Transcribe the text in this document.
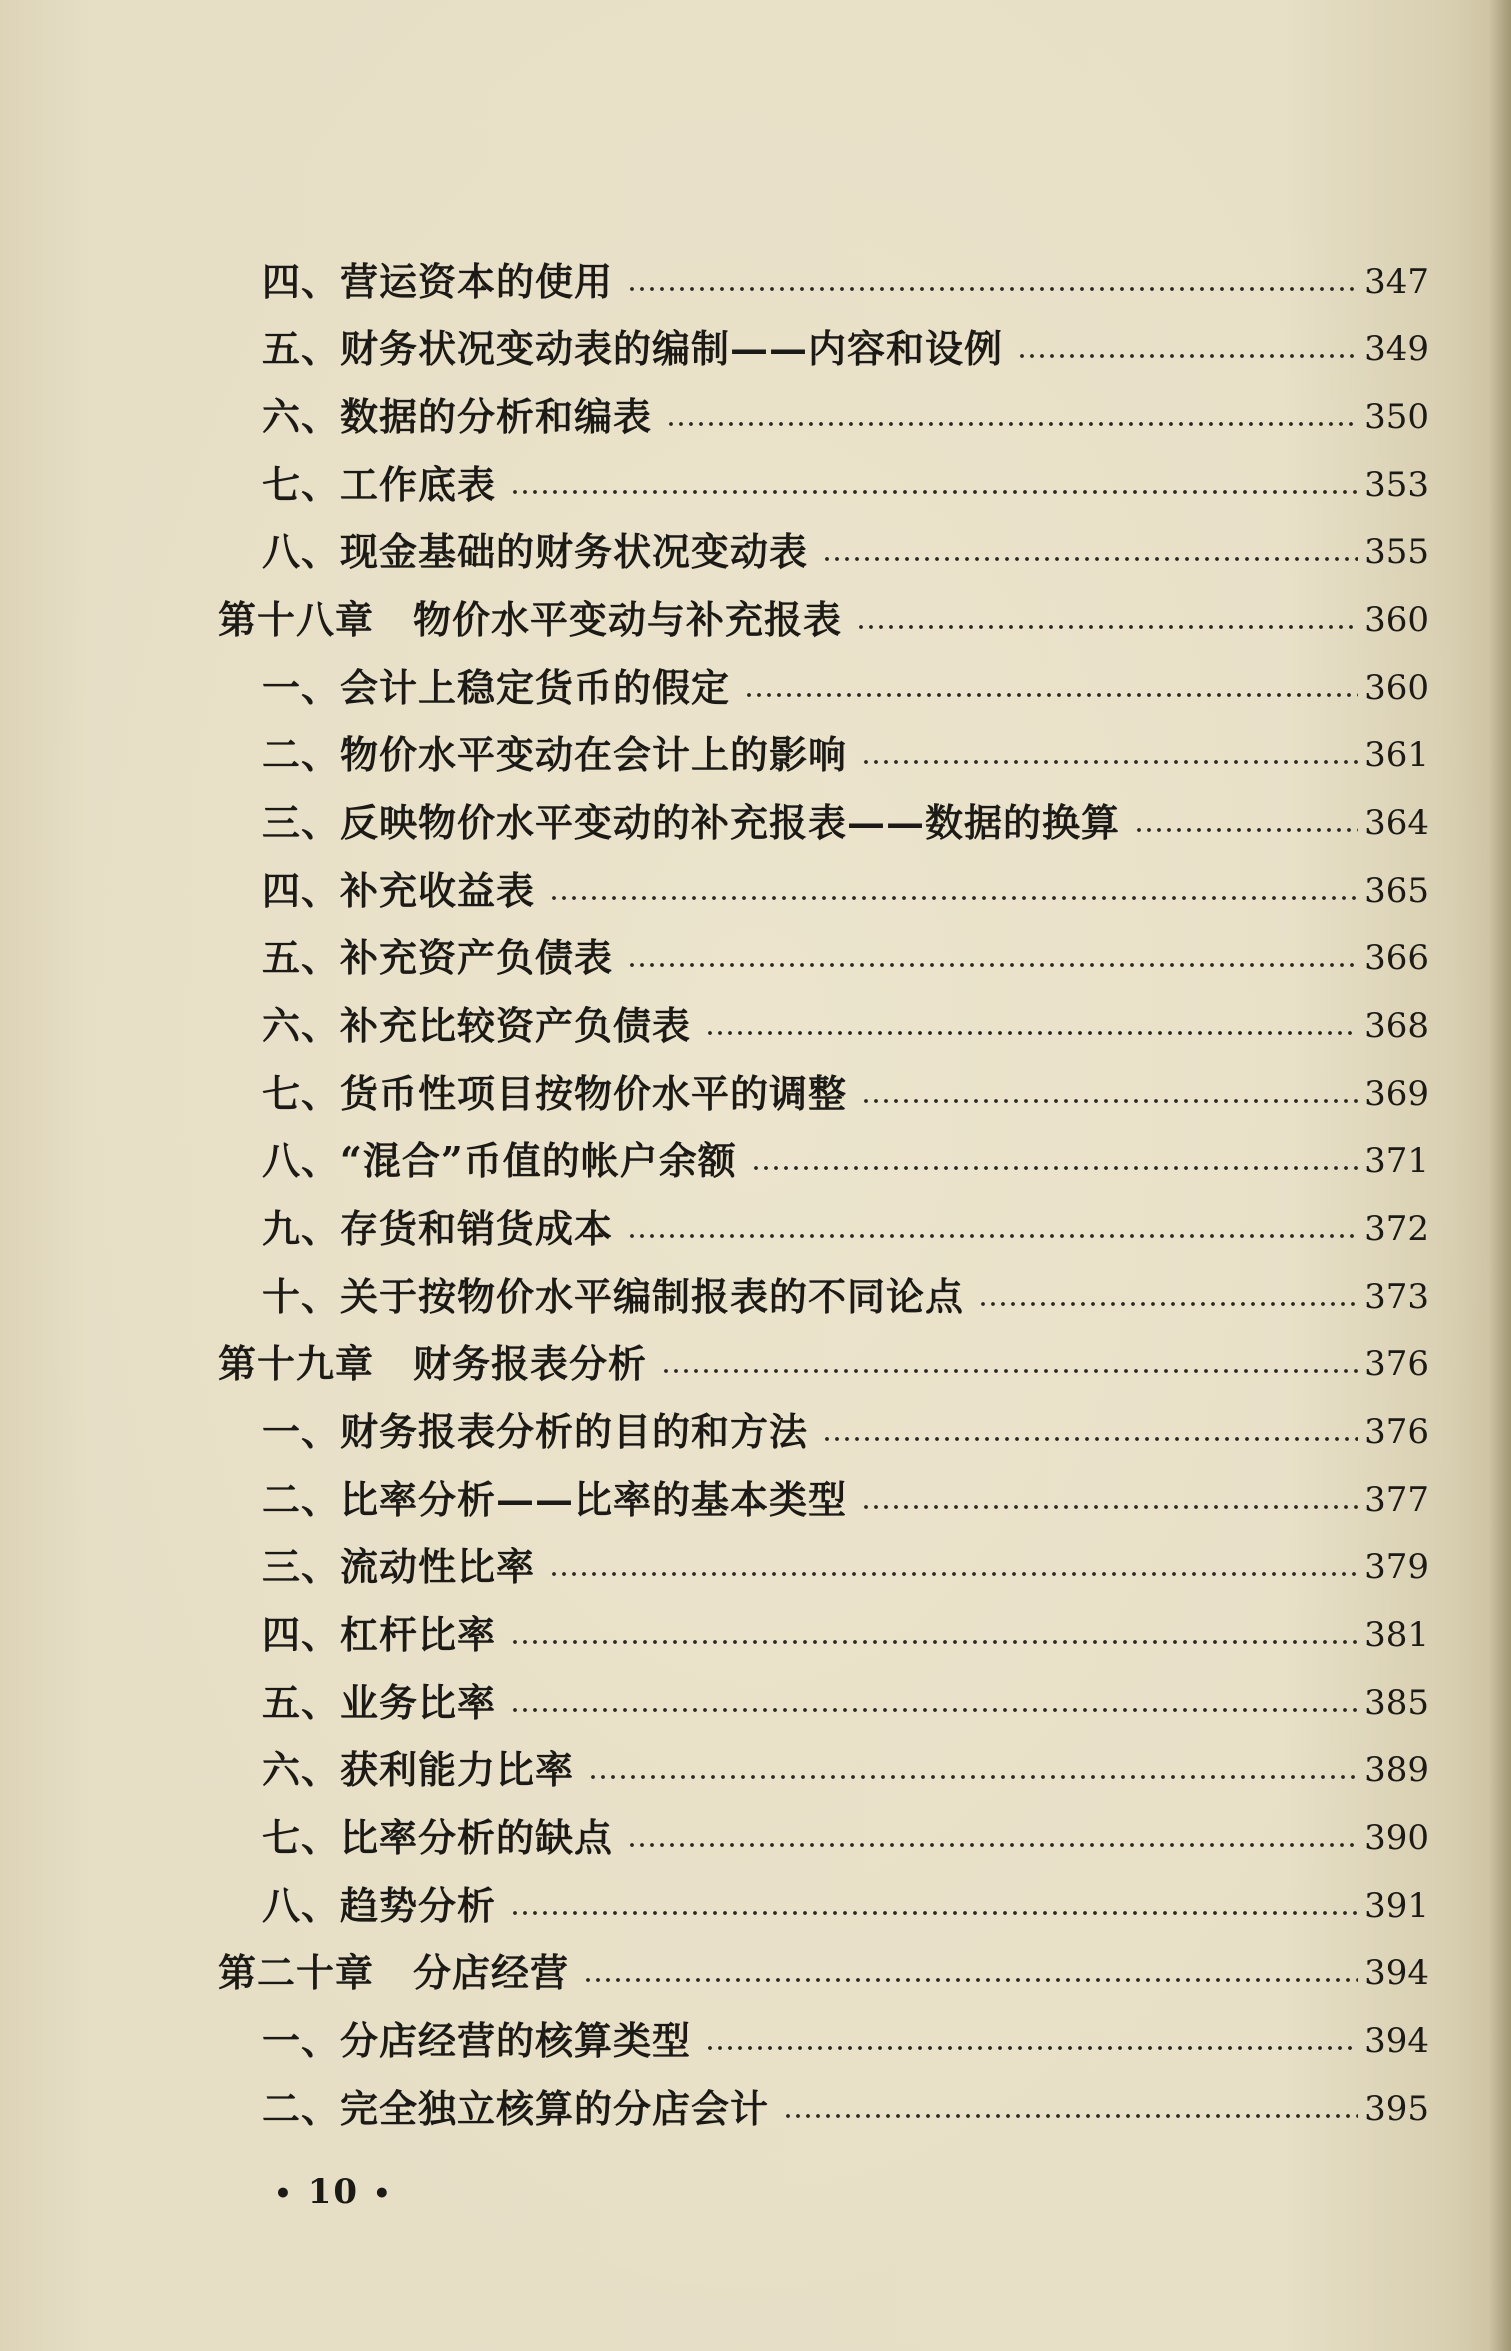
四、营运资本的使用	347
五、财务状况变动表的编制——内容和设例	349
六、数据的分析和编表	350
七、工作底表	353
八、现金基础的财务状况变动表	355
第十八章　物价水平变动与补充报表	360
一、会计上稳定货币的假定	360
二、物价水平变动在会计上的影响	361
三、反映物价水平变动的补充报表——数据的换算	364
四、补充收益表	365
五、补充资产负债表	366
六、补充比较资产负债表	368
七、货币性项目按物价水平的调整	369
八、“混合”币值的帐户余额	371
九、存货和销货成本	372
十、关于按物价水平编制报表的不同论点	373
第十九章　财务报表分析	376
一、财务报表分析的目的和方法	376
二、比率分析——比率的基本类型	377
三、流动性比率	379
四、杠杆比率	381
五、业务比率	385
六、获利能力比率	389
七、比率分析的缺点	390
八、趋势分析	391
第二十章　分店经营	394
一、分店经营的核算类型	394
二、完全独立核算的分店会计	395
• 10 •
